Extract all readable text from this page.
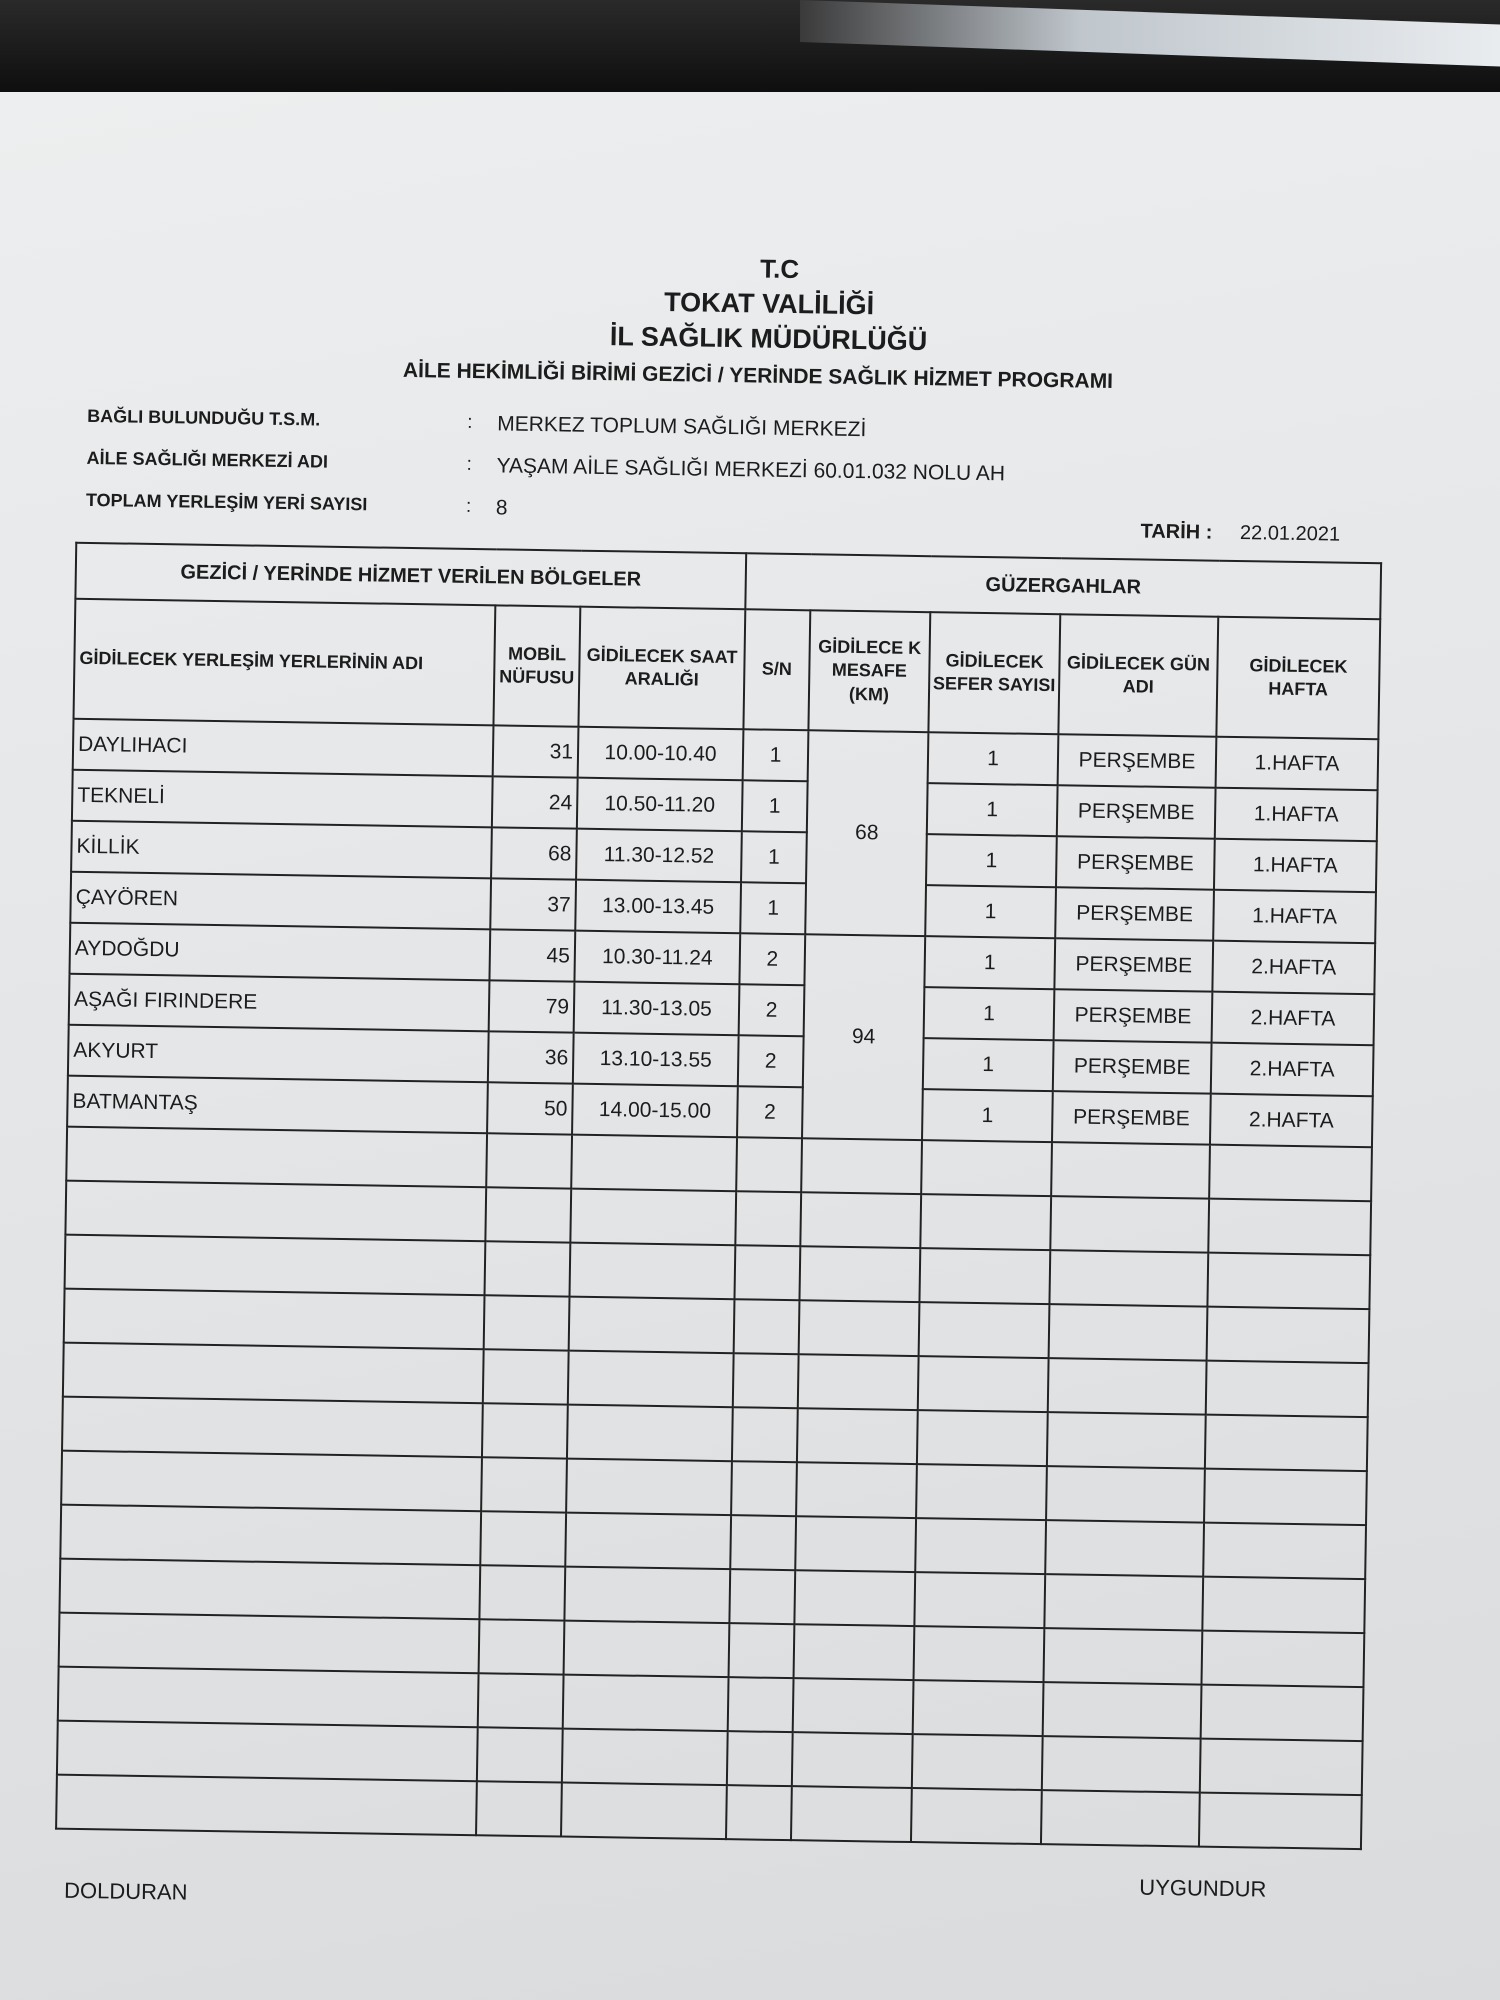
T.C
TOKAT VALİLİĞİ
İL SAĞLIK MÜDÜRLÜĞÜ
AİLE HEKİMLİĞİ BİRİMİ GEZİCİ / YERİNDE SAĞLIK HİZMET PROGRAMI
BAĞLI BULUNDUĞU T.S.M.	:	MERKEZ TOPLUM SAĞLIĞI MERKEZİ
AİLE SAĞLIĞI MERKEZİ ADI	:	YAŞAM AİLE SAĞLIĞI MERKEZİ 60.01.032 NOLU AH
TOPLAM YERLEŞİM YERİ SAYISI	:	8
TARİH : 22.01.2021
GEZİCİ / YERİNDE HİZMET VERİLEN BÖLGELER			GÜZERGAHLAR				
GİDİLECEK YERLEŞİM YERLERİNİN ADI	MOBİL NÜFUSU	GİDİLECEK SAAT ARALIĞI	S/N	GİDİLECE K MESAFE (KM)	GİDİLECEK SEFER SAYISI	GİDİLECEK GÜN ADI	GİDİLECEK HAFTA
DAYLIHACI	31	10.00-10.40	1	68	1	PERŞEMBE	1.HAFTA
TEKNELİ	24	10.50-11.20	1		1	PERŞEMBE	1.HAFTA
KİLLİK	68	11.30-12.52	1		1	PERŞEMBE	1.HAFTA
ÇAYÖREN	37	13.00-13.45	1		1	PERŞEMBE	1.HAFTA
AYDOĞDU	45	10.30-11.24	2	94	1	PERŞEMBE	2.HAFTA
AŞAĞI FIRINDERE	79	11.30-13.05	2		1	PERŞEMBE	2.HAFTA
AKYURT	36	13.10-13.55	2		1	PERŞEMBE	2.HAFTA
BATMANTAŞ	50	14.00-15.00	2		1	PERŞEMBE	2.HAFTA

DOLDURAN	UYGUNDUR
